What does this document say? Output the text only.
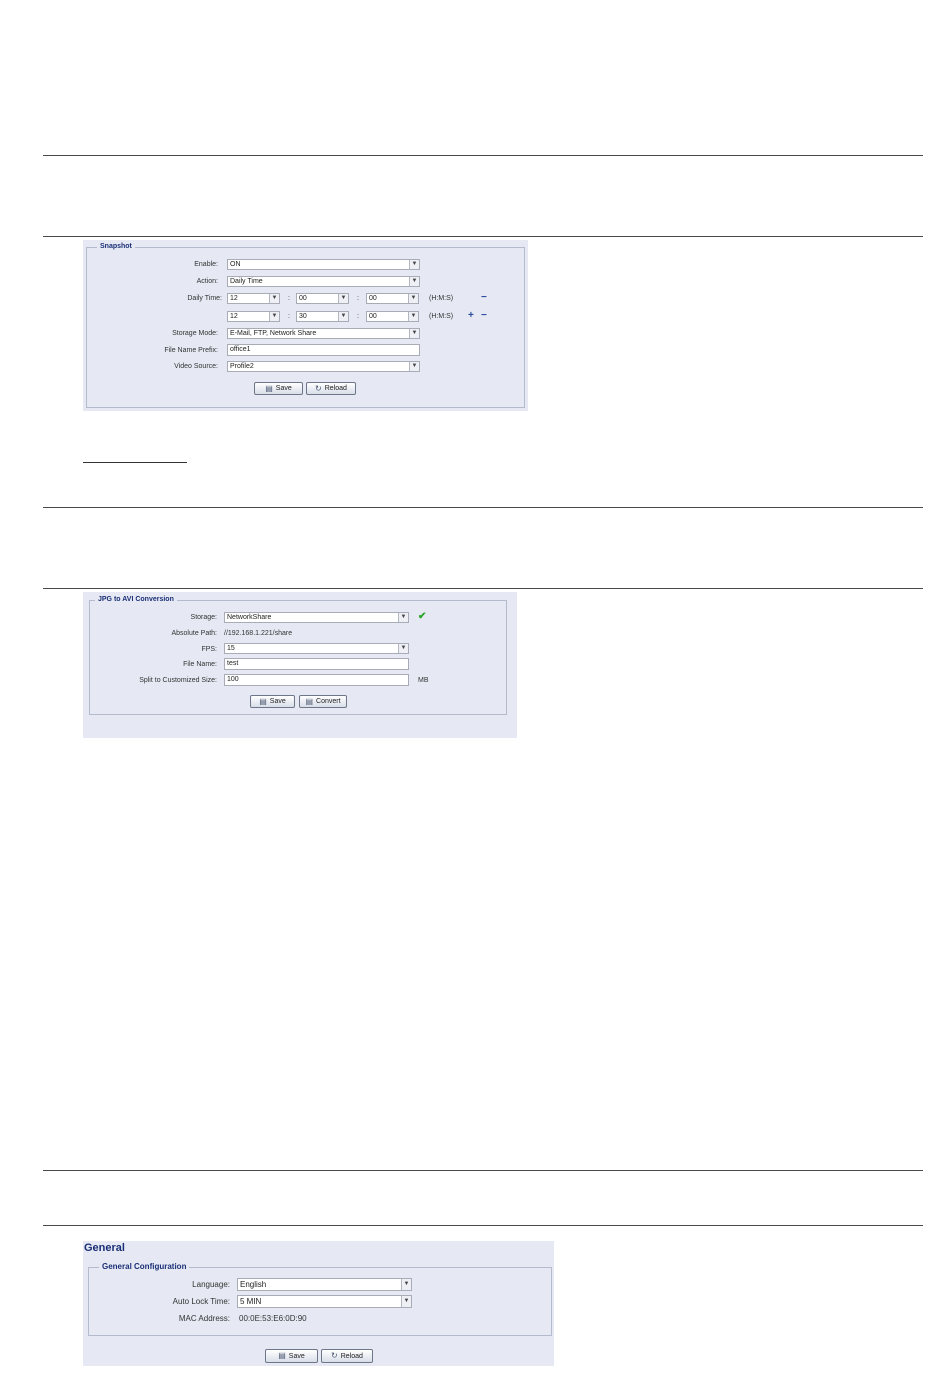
Snapshot
Enable:	ON	▼
Action:	Daily Time	▼
Daily Time:	12	▼ :	00	▼ :	00	▼ (H:M:S)	−
12	▼ :	30	▼ :	00	▼ (H:M:S) + −
Storage Mode:	E-Mail, FTP, Network Share	▼
File Name Prefix:	office1
Video Source:	Profile2	▼
▤ Save	↻ Reload
JPG to AVI Conversion
Storage:	NetworkShare	▼ ✔
Absolute Path: //192.168.1.221/share
FPS:	15	▼
File Name:	test
Split to Customized Size:	100	MB
▤ Save ▤ Convert
General Configuration
Language:	English	▼
Auto Lock Time:	5 MIN	▼
MAC Address: 00:0E:53:E6:0D:90
▤ Save	↻ Reload
General
